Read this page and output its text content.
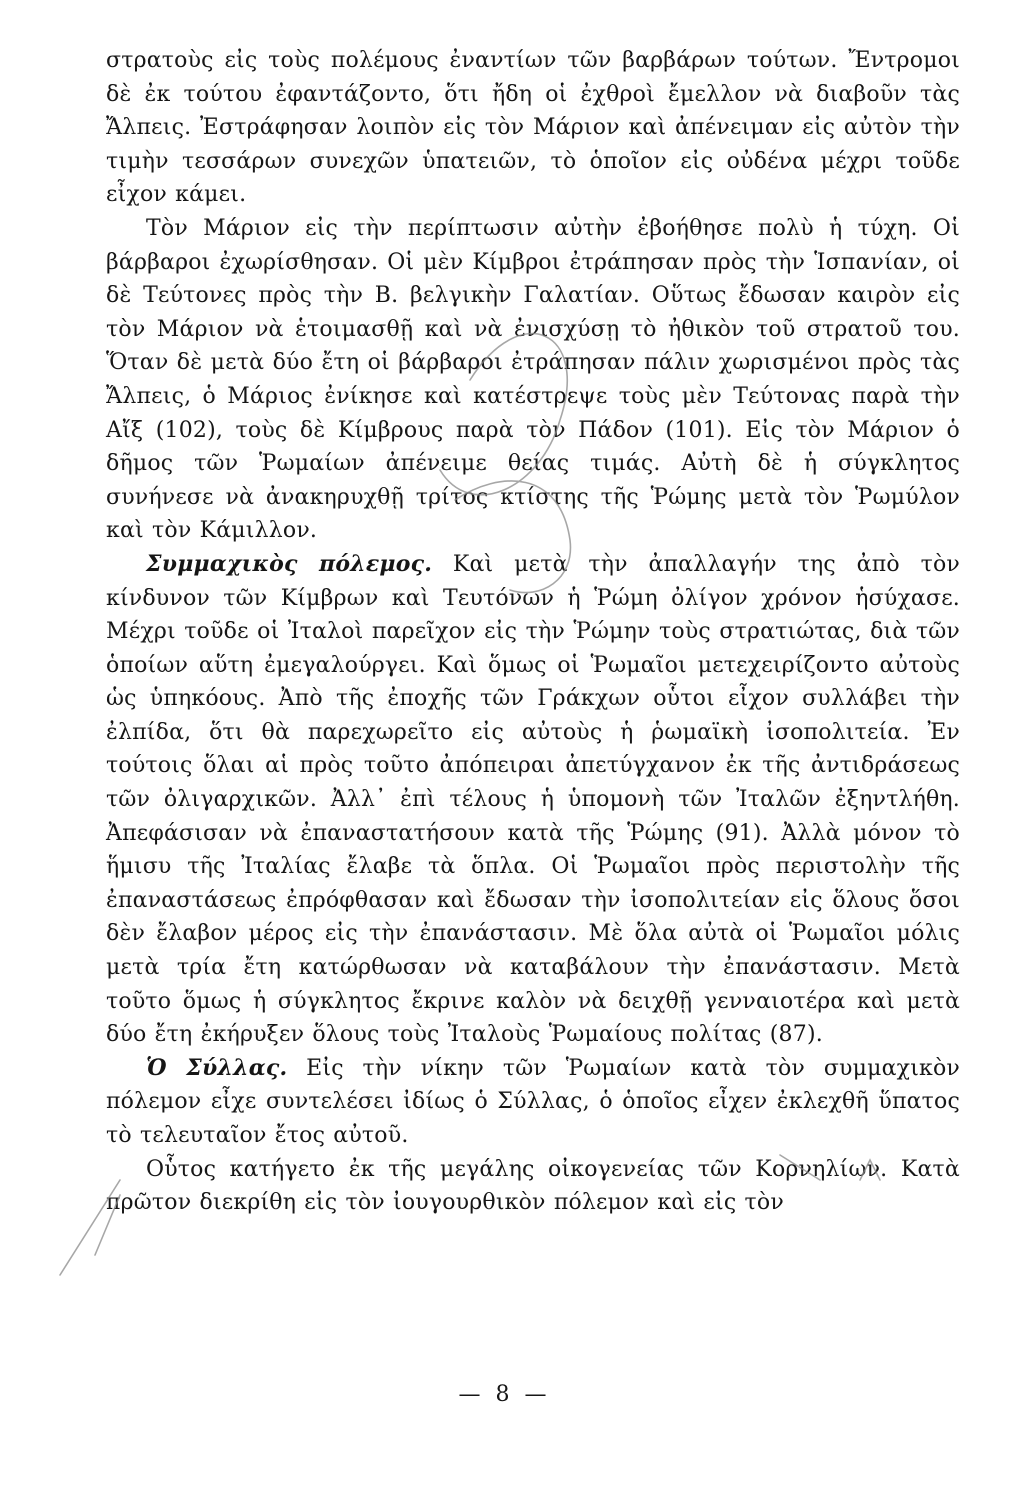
στρατοὺς εἰς τοὺς πολέμους ἐναντίων τῶν βαρβάρων τούτων. Ἔντρομοι δὲ ἐκ τούτου ἐφαντάζοντο, ὅτι ἤδη οἱ ἐχθροὶ ἔμελλον νὰ διαβοῦν τὰς Ἄλπεις. Ἐστράφησαν λοιπὸν εἰς τὸν Μάριον καὶ ἀπένειμαν εἰς αὐτὸν τὴν τιμὴν τεσσάρων συνεχῶν ὑπατειῶν, τὸ ὁποῖον εἰς οὐδένα μέχρι τοῦδε εἶχον κάμει.

Τὸν Μάριον εἰς τὴν περίπτωσιν αὐτὴν ἐβοήθησε πολὺ ἡ τύχη. Οἱ βάρβαροι ἐχωρίσθησαν. Οἱ μὲν Κίμβροι ἐτράπησαν πρὸς τὴν Ἱσπανίαν, οἱ δὲ Τεύτονες πρὸς τὴν Β. βελγικὴν Γαλατίαν. Οὕτως ἔδωσαν καιρὸν εἰς τὸν Μάριον νὰ ἑτοιμασθῇ καὶ νὰ ἐνισχύσῃ τὸ ἠθικὸν τοῦ στρατοῦ του. Ὅταν δὲ μετὰ δύο ἔτη οἱ βάρβαροι ἐτράπησαν πάλιν χωρισμένοι πρὸς τὰς Ἄλπεις, ὁ Μάριος ἐνίκησε καὶ κατέστρεψε τοὺς μὲν Τεύτονας παρὰ τὴν Αἴξ (102), τοὺς δὲ Κίμβρους παρὰ τὸν Πάδον (101). Εἰς τὸν Μάριον ὁ δῆμος τῶν Ῥωμαίων ἀπένειμε θείας τιμάς. Αὐτὴ δὲ ἡ σύγκλητος συνήνεσε νὰ ἀνακηρυχθῇ τρίτος κτίστης τῆς Ῥώμης μετὰ τὸν Ῥωμύλον καὶ τὸν Κάμιλλον.

Συμμαχικὸς πόλεμος. Καὶ μετὰ τὴν ἀπαλλαγήν της ἀπὸ τὸν κίνδυνον τῶν Κίμβρων καὶ Τευτόνων ἡ Ῥώμη ὀλίγον χρόνον ἡσύχασε. Μέχρι τοῦδε οἱ Ἰταλοὶ παρεῖχον εἰς τὴν Ῥώμην τοὺς στρατιώτας, διὰ τῶν ὁποίων αὕτη ἐμεγαλούργει. Καὶ ὅμως οἱ Ῥωμαῖοι μετεχειρίζοντο αὐτοὺς ὡς ὑπηκόους. Ἀπὸ τῆς ἐποχῆς τῶν Γράκχων οὗτοι εἶχον συλλάβει τὴν ἐλπίδα, ὅτι θὰ παρεχωρεῖτο εἰς αὐτοὺς ἡ ῥωμαϊκὴ ἰσοπολιτεία. Ἐν τούτοις ὅλαι αἱ πρὸς τοῦτο ἀπόπειραι ἀπετύγχανον ἐκ τῆς ἀντιδράσεως τῶν ὀλιγαρχικῶν. Ἀλλ᾽ ἐπὶ τέλους ἡ ὑπομονὴ τῶν Ἰταλῶν ἐξηντλήθη. Ἀπεφάσισαν νὰ ἐπαναστατήσουν κατὰ τῆς Ῥώμης (91). Ἀλλὰ μόνον τὸ ἥμισυ τῆς Ἰταλίας ἔλαβε τὰ ὅπλα. Οἱ Ῥωμαῖοι πρὸς περιστολὴν τῆς ἐπαναστάσεως ἐπρόφθασαν καὶ ἔδωσαν τὴν ἰσοπολιτείαν εἰς ὅλους ὅσοι δὲν ἔλαβον μέρος εἰς τὴν ἐπανάστασιν. Μὲ ὅλα αὐτὰ οἱ Ῥωμαῖοι μόλις μετὰ τρία ἔτη κατώρθωσαν νὰ καταβάλουν τὴν ἐπανάστασιν. Μετὰ τοῦτο ὅμως ἡ σύγκλητος ἔκρινε καλὸν νὰ δειχθῇ γενναιοτέρα καὶ μετὰ δύο ἔτη ἐκήρυξεν ὅλους τοὺς Ἰταλοὺς Ῥωμαίους πολίτας (87).

Ὁ Σύλλας. Εἰς τὴν νίκην τῶν Ῥωμαίων κατὰ τὸν συμμαχικὸν πόλεμον εἶχε συντελέσει ἰδίως ὁ Σύλλας, ὁ ὁποῖος εἶχεν ἐκλεχθῆ ὕπατος τὸ τελευταῖον ἔτος αὐτοῦ.

Οὗτος κατήγετο ἐκ τῆς μεγάλης οἰκογενείας τῶν Κορνηλίων. Κατὰ πρῶτον διεκρίθη εἰς τὸν ἰουγουρθικὸν πόλεμον καὶ εἰς τὸν

— 8 —
